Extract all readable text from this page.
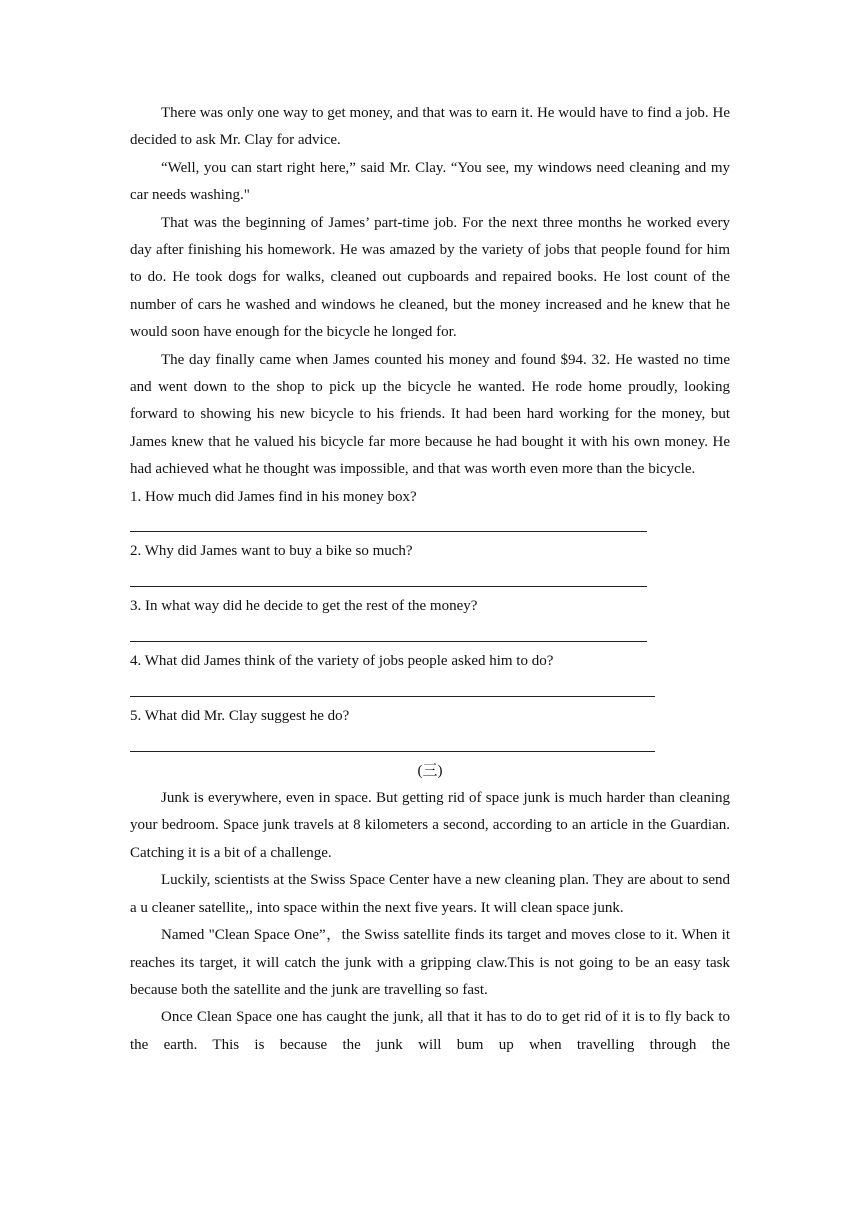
There was only one way to get money, and that was to earn it. He would have to find a job. He decided to ask Mr. Clay for advice.

“Well, you can start right here,” said Mr. Clay. “You see, my windows need cleaning and my car needs washing."

That was the beginning of James’ part-time job. For the next three months he worked every day after finishing his homework. He was amazed by the variety of jobs that people found for him to do. He took dogs for walks, cleaned out cupboards and repaired books. He lost count of the number of cars he washed and windows he cleaned, but the money increased and he knew that he would soon have enough for the bicycle he longed for.

The day finally came when James counted his money and found $94. 32. He wasted no time and went down to the shop to pick up the bicycle he wanted. He rode home proudly, looking forward to showing his new bicycle to his friends. It had been hard working for the money, but James knew that he valued his bicycle far more because he had bought it with his own money. He had achieved what he thought was impossible, and that was worth even more than the bicycle.

1. How much did James find in his money box?
2. Why did James want to buy a bike so much?
3. In what way did he decide to get the rest of the money?
4. What did James think of the variety of jobs people asked him to do?
5. What did Mr. Clay suggest he do?

(三)

Junk is everywhere, even in space. But getting rid of space junk is much harder than cleaning your bedroom. Space junk travels at 8 kilometers a second, according to an article in the Guardian. Catching it is a bit of a challenge.

Luckily, scientists at the Swiss Space Center have a new cleaning plan. They are about to send a u cleaner satellite,, into space within the next five years. It will clean space junk.

Named "Clean Space One”，the Swiss satellite finds its target and moves close to it. When it reaches its target, it will catch the junk with a gripping claw.This is not going to be an easy task because both the satellite and the junk are travelling so fast.

Once Clean Space one has caught the junk, all that it has to do to get rid of it is to fly back to the earth. This is because the junk will bum up when travelling through the
